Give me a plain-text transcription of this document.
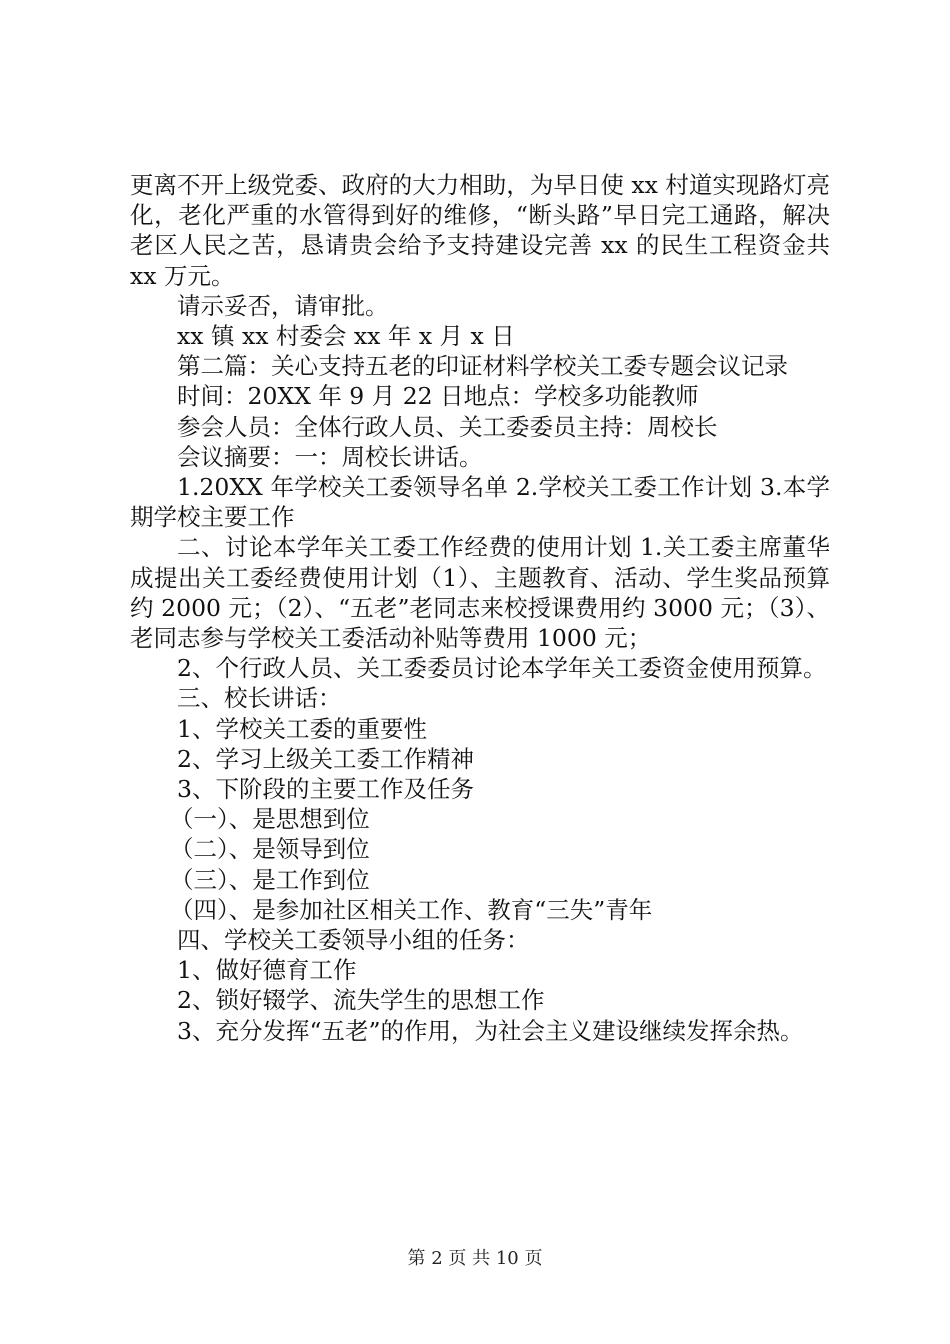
更离不开上级党委、政府的大力相助，为早日使 xx 村道实现路灯亮化，老化严重的水管得到好的维修，“断头路”早日完工通路，解决老区人民之苦，恳请贵会给予支持建设完善 xx 的民生工程资金共 xx 万元。

请示妥否，请审批。

xx 镇 xx 村委会 xx 年 x 月 x 日

第二篇：关心支持五老的印证材料学校关工委专题会议记录

时间：20XX 年 9 月 22 日地点：学校多功能教师

参会人员：全体行政人员、关工委委员主持：周校长

会议摘要：一：周校长讲话。

1.20XX 年学校关工委领导名单 2.学校关工委工作计划 3.本学期学校主要工作

二、讨论本学年关工委工作经费的使用计划 1.关工委主席董华成提出关工委经费使用计划（1）、主题教育、活动、学生奖品预算约 2000 元；（2）、“五老”老同志来校授课费用约 3000 元；（3）、老同志参与学校关工委活动补贴等费用 1000 元；

2、个行政人员、关工委委员讨论本学年关工委资金使用预算。

三、校长讲话：

1、学校关工委的重要性

2、学习上级关工委工作精神

3、下阶段的主要工作及任务

（一）、是思想到位

（二）、是领导到位

（三）、是工作到位

（四）、是参加社区相关工作、教育“三失”青年

四、学校关工委领导小组的任务：

1、做好德育工作

2、锁好辍学、流失学生的思想工作

3、充分发挥“五老”的作用，为社会主义建设继续发挥余热。

第 2 页 共 10 页
